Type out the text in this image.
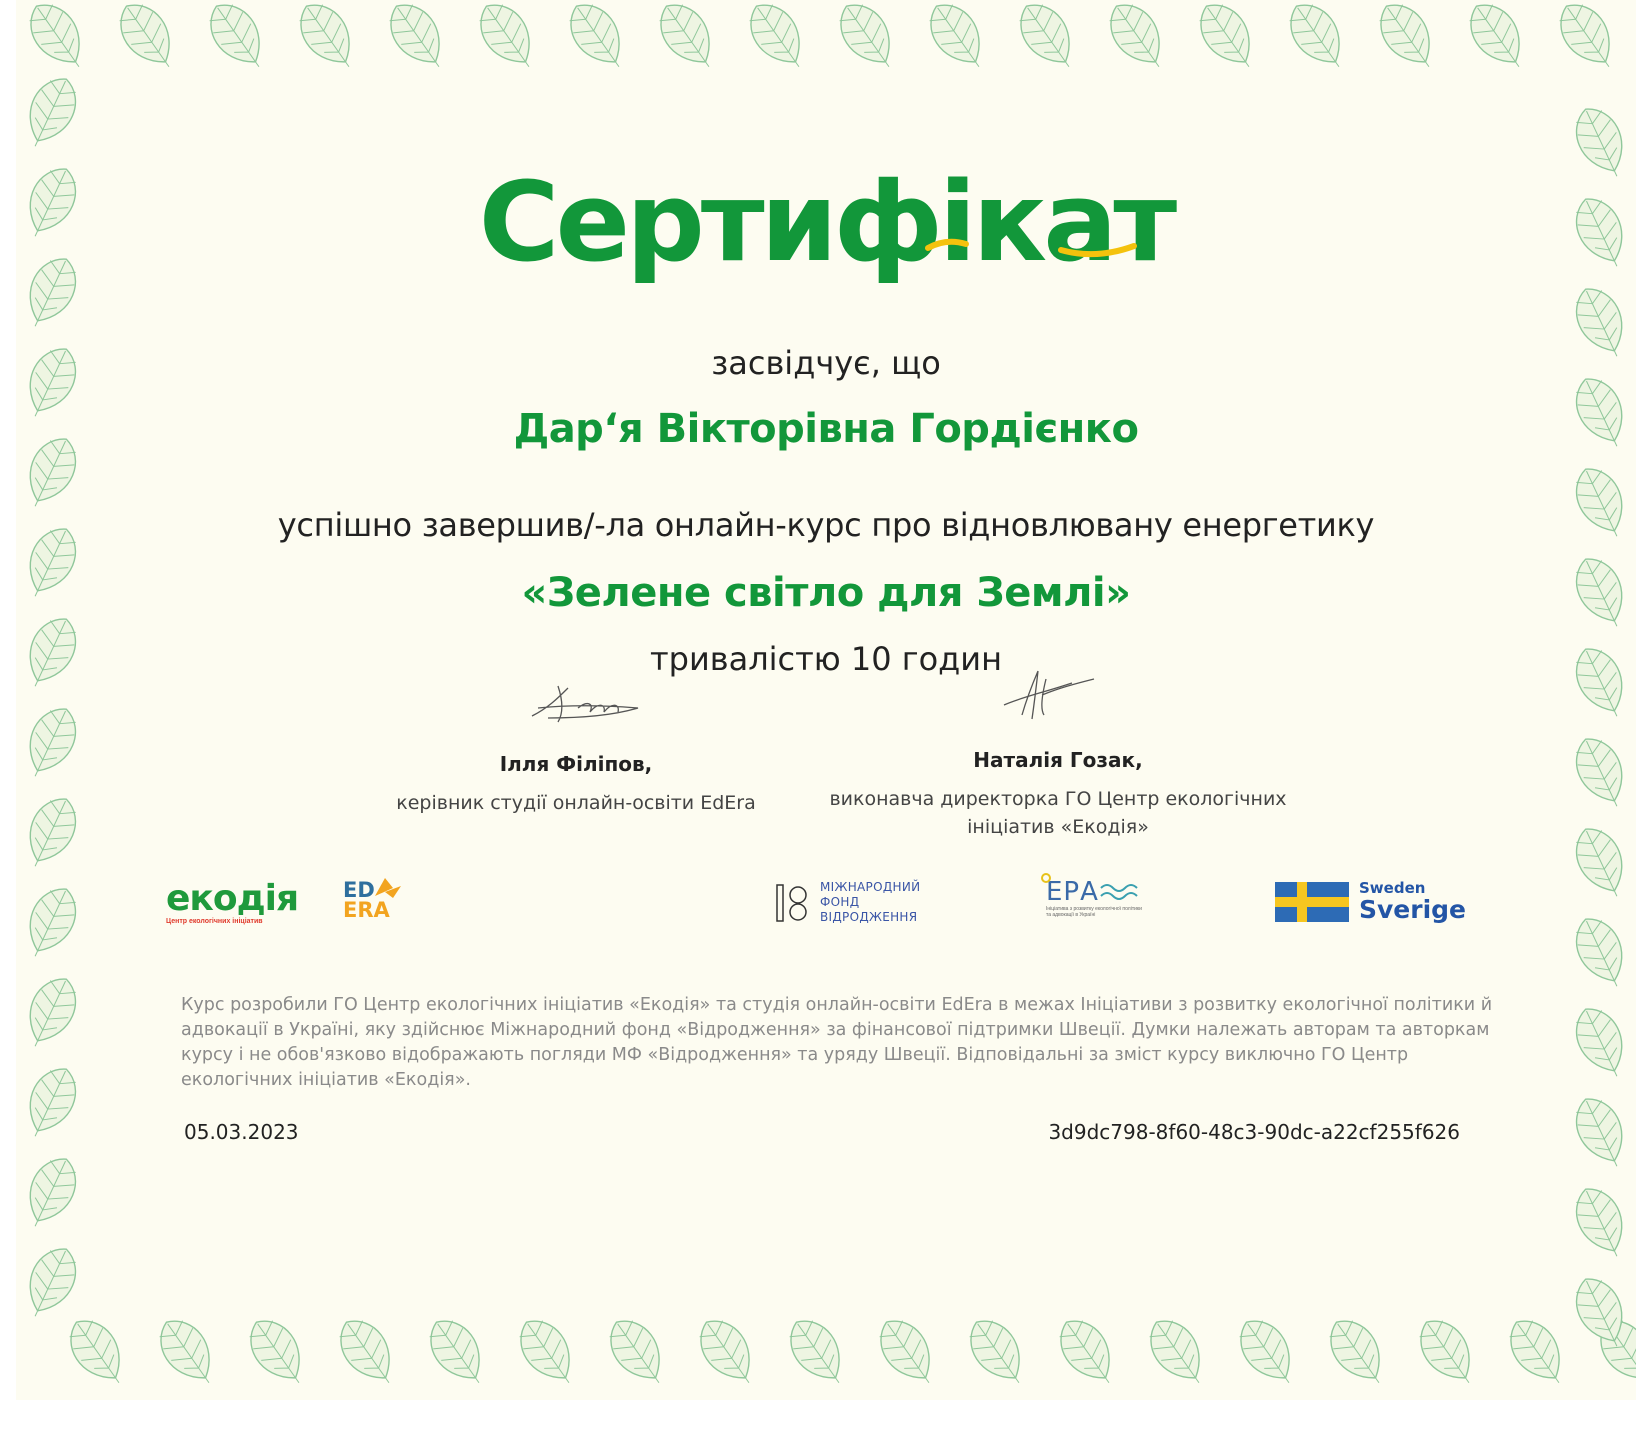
Сертифікат
засвідчує, що
Дар‘я Вікторівна Гордієнко
успішно завершив/-ла онлайн-курс про відновлювану енергетику
«Зелене світло для Землі»
тривалістю 10 годин
Ілля Філіпов,
керівник студії онлайн-освіти EdEra
Наталія Гозак,
виконавча директорка ГО Центр екологічних
ініціатив «Екодія»
екодія
Центр екологічних ініціатив
ED
ERA
МІЖНАРОДНИЙ
ФОНД
ВІДРОДЖЕННЯ
ЕРА
Ініціатива з розвитку екологічної політики та адвокації в Україні
Sweden
Sverige
Курс розробили ГО Центр екологічних ініціатив «Екодія» та студія онлайн-освіти EdEra в межах Ініціативи з розвитку екологічної політики й адвокації в Україні, яку здійснює Міжнародний фонд «Відродження» за фінансової підтримки Швеції. Думки належать авторам та авторкам курсу і не обов'язково відображають погляди МФ «Відродження» та уряду Швеції. Відповідальні за зміст курсу виключно ГО Центр екологічних ініціатив «Екодія».
05.03.2023	3d9dc798-8f60-48c3-90dc-a22cf255f626
